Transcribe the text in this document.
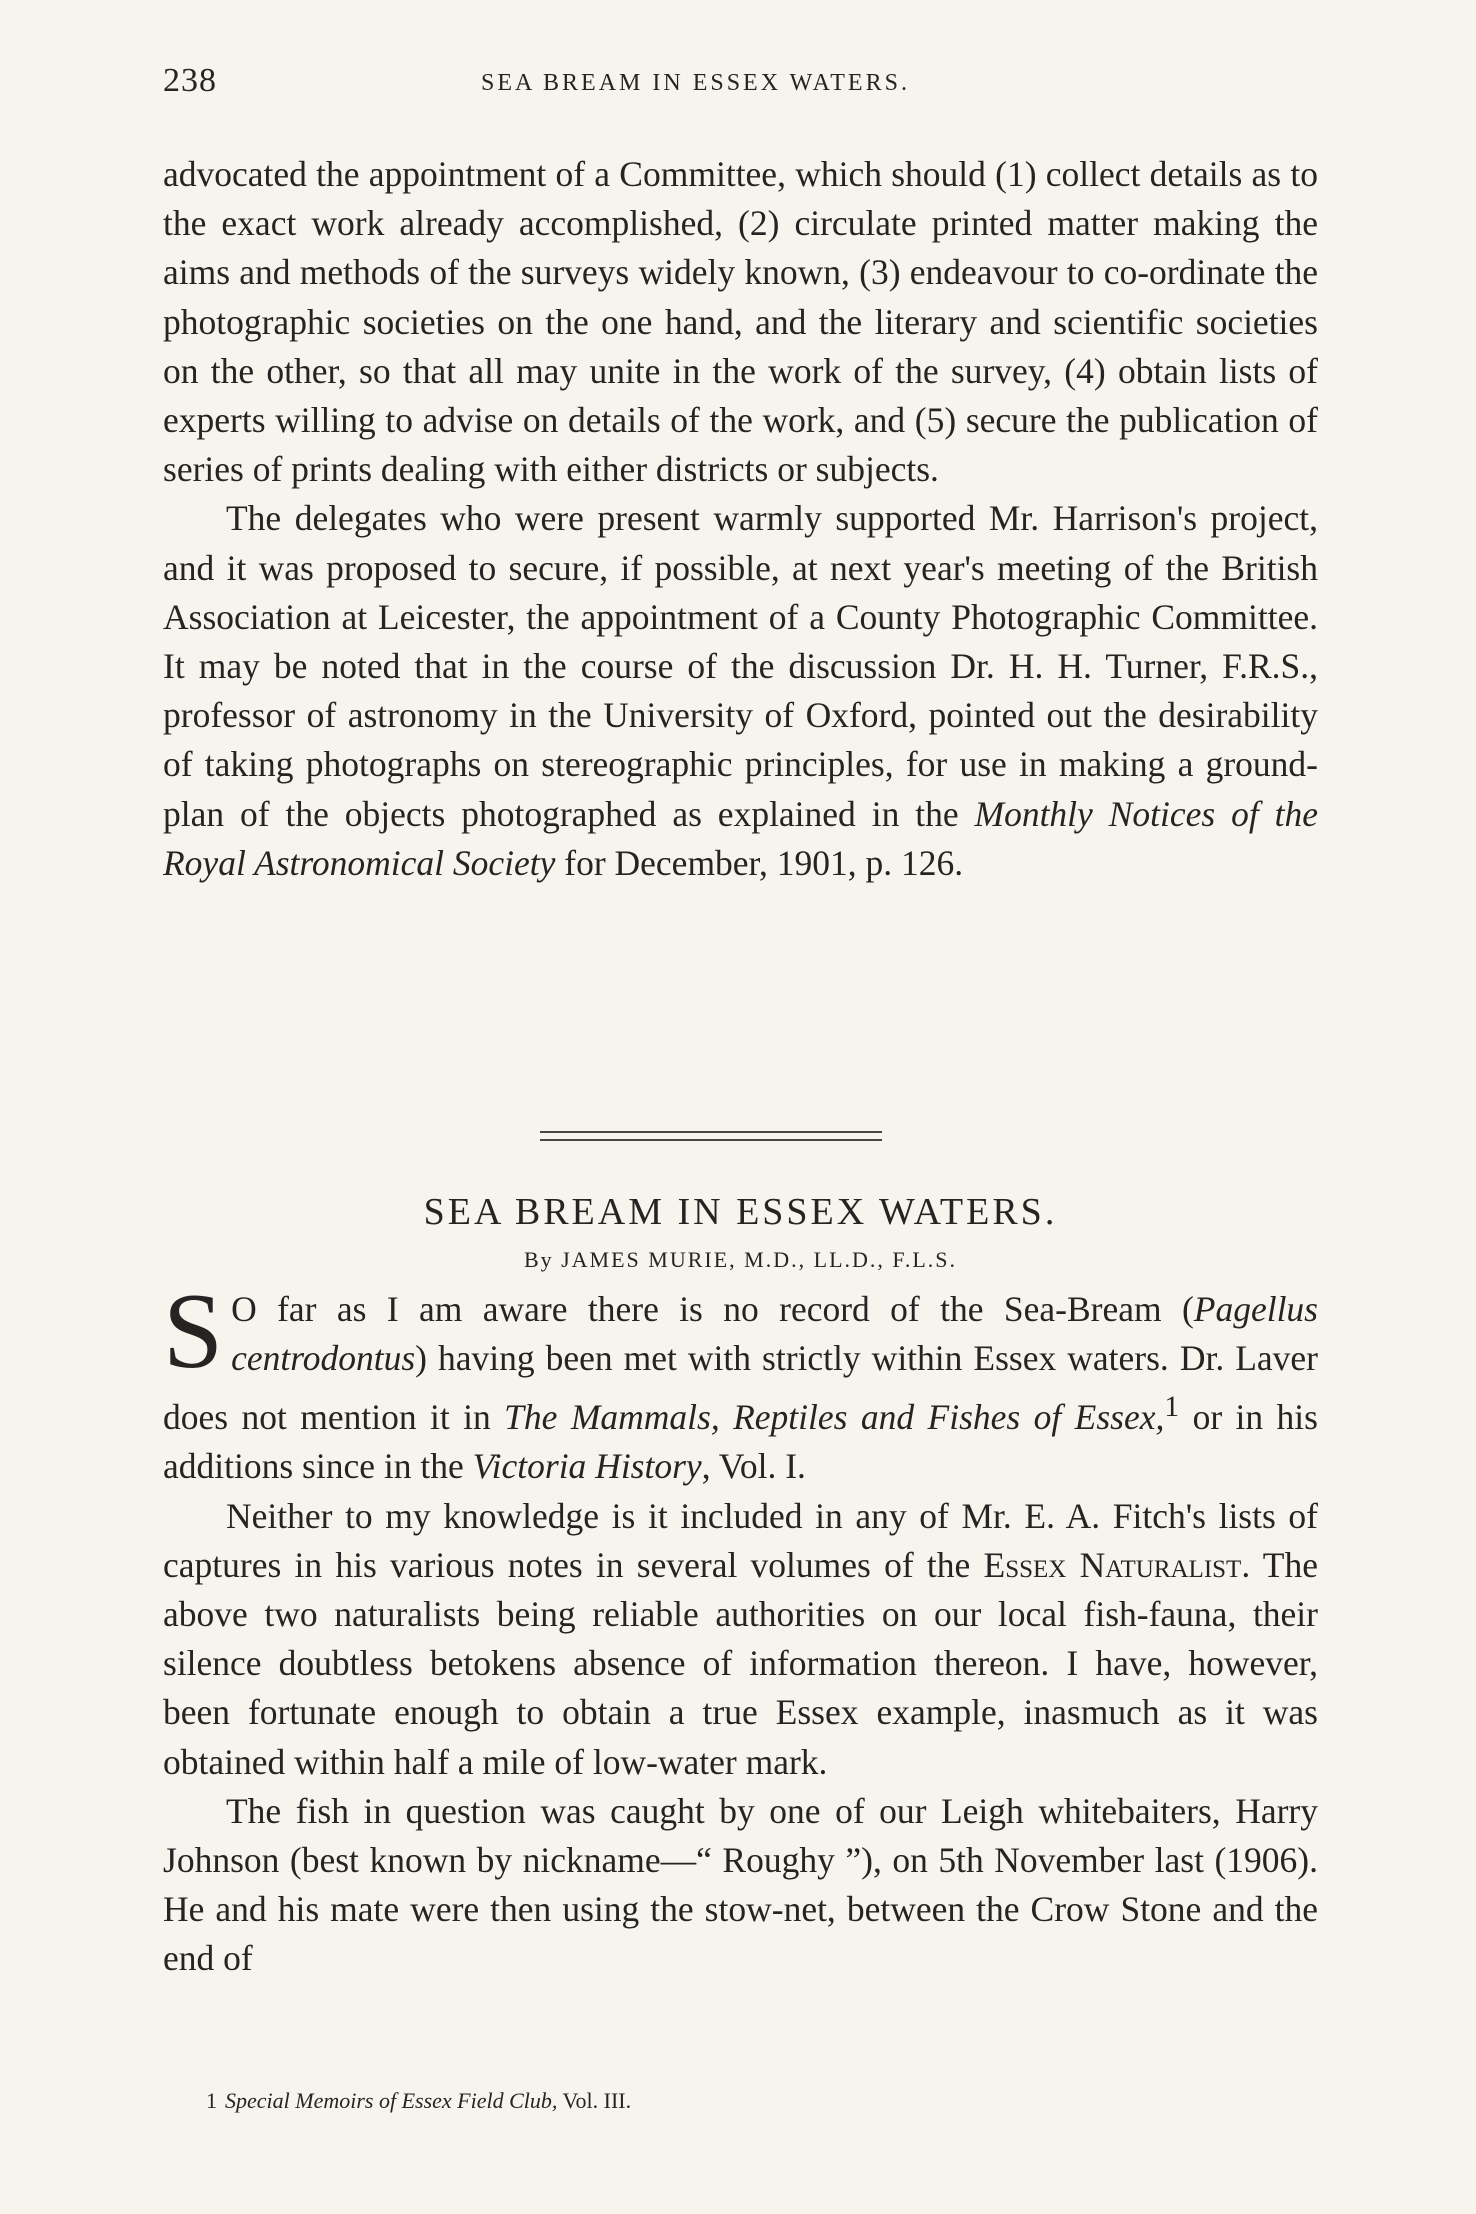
238	SEA BREAM IN ESSEX WATERS.

advocated the appointment of a Committee, which should (1) collect details as to the exact work already accomplished, (2) circulate printed matter making the aims and methods of the surveys widely known, (3) endeavour to co-ordinate the photographic societies on the one hand, and the literary and scientific societies on the other, so that all may unite in the work of the survey, (4) obtain lists of experts willing to advise on details of the work, and (5) secure the publication of series of prints dealing with either districts or subjects.

The delegates who were present warmly supported Mr. Harrison's project, and it was proposed to secure, if possible, at next year's meeting of the British Association at Leicester, the appointment of a County Photographic Committee. It may be noted that in the course of the discussion Dr. H. H. Turner, F.R.S., professor of astronomy in the University of Oxford, pointed out the desirability of taking photographs on stereographic principles, for use in making a ground-plan of the objects photographed as explained in the Monthly Notices of the Royal Astronomical Society for December, 1901, p. 126.

SEA BREAM IN ESSEX WATERS.
By JAMES MURIE, M.D., LL.D., F.L.S.

S O far as I am aware there is no record of the Sea-Bream (Pagellus centrodontus) having been met with strictly within Essex waters. Dr. Laver does not mention it in The Mammals, Reptiles and Fishes of Essex,$^1$ or in his additions since in the Victoria History, Vol. I.

Neither to my knowledge is it included in any of Mr. E. A. Fitch's lists of captures in his various notes in several volumes of the Essex Naturalist. The above two naturalists being reliable authorities on our local fish-fauna, their silence doubtless betokens absence of information thereon. I have, however, been fortunate enough to obtain a true Essex example, inasmuch as it was obtained within half a mile of low-water mark.

The fish in question was caught by one of our Leigh whitebaiters, Harry Johnson (best known by nickname—“ Roughy ”), on 5th November last (1906). He and his mate were then using the stow-net, between the Crow Stone and the end of

1 Special Memoirs of Essex Field Club, Vol. III.
